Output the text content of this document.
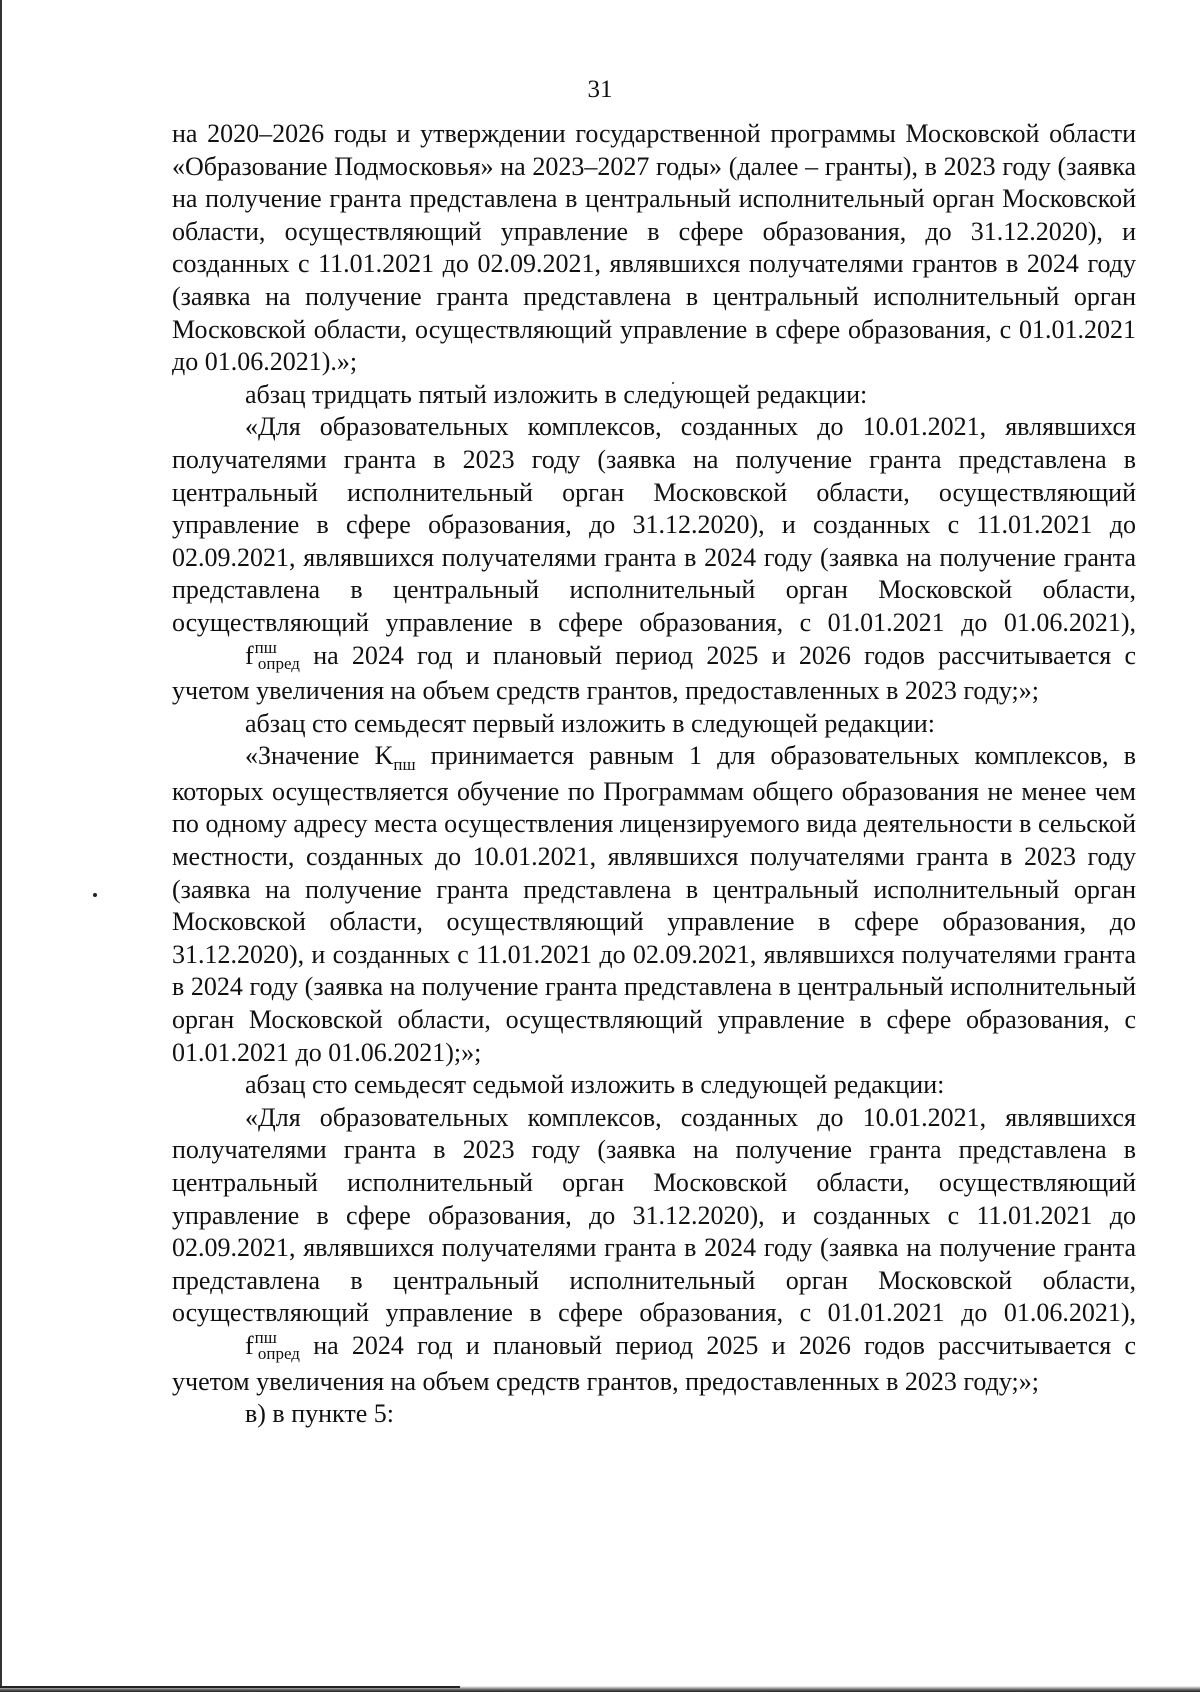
31

на 2020–2026 годы и утверждении государственной программы Московской области «Образование Подмосковья» на 2023–2027 годы» (далее – гранты), в 2023 году (заявка на получение гранта представлена в центральный исполнительный орган Московской области, осуществляющий управление в сфере образования, до 31.12.2020), и созданных с 11.01.2021 до 02.09.2021, являвшихся получателями грантов в 2024 году (заявка на получение гранта представлена в центральный исполнительный орган Московской области, осуществляющий управление в сфере образования, с 01.01.2021 до 01.06.2021).»;

абзац тридцать пятый изложить в следующей редакции:

«Для образовательных комплексов, созданных до 10.01.2021, являвшихся получателями гранта в 2023 году (заявка на получение гранта представлена в центральный исполнительный орган Московской области, осуществляющий управление в сфере образования, до 31.12.2020), и созданных с 11.01.2021 до 02.09.2021, являвшихся получателями гранта в 2024 году (заявка на получение гранта представлена в центральный исполнительный орган Московской области, осуществляющий управление в сфере образования, с 01.01.2021 до 01.06.2021), $f^{пш}_{опред}$ на 2024 год и плановый период 2025 и 2026 годов рассчитывается с учетом увеличения на объем средств грантов, предоставленных в 2023 году;»;

абзац сто семьдесят первый изложить в следующей редакции:

«Значение $K_{пш}$ принимается равным 1 для образовательных комплексов, в которых осуществляется обучение по Программам общего образования не менее чем по одному адресу места осуществления лицензируемого вида деятельности в сельской местности, созданных до 10.01.2021, являвшихся получателями гранта в 2023 году (заявка на получение гранта представлена в центральный исполнительный орган Московской области, осуществляющий управление в сфере образования, до 31.12.2020), и созданных с 11.01.2021 до 02.09.2021, являвшихся получателями гранта в 2024 году (заявка на получение гранта представлена в центральный исполнительный орган Московской области, осуществляющий управление в сфере образования, с 01.01.2021 до 01.06.2021);»;

абзац сто семьдесят седьмой изложить в следующей редакции:

«Для образовательных комплексов, созданных до 10.01.2021, являвшихся получателями гранта в 2023 году (заявка на получение гранта представлена в центральный исполнительный орган Московской области, осуществляющий управление в сфере образования, до 31.12.2020), и созданных с 11.01.2021 до 02.09.2021, являвшихся получателями гранта в 2024 году (заявка на получение гранта представлена в центральный исполнительный орган Московской области, осуществляющий управление в сфере образования, с 01.01.2021 до 01.06.2021), $f^{пш}_{опред}$ на 2024 год и плановый период 2025 и 2026 годов рассчитывается с учетом увеличения на объем средств грантов, предоставленных в 2023 году;»;

в) в пункте 5:
